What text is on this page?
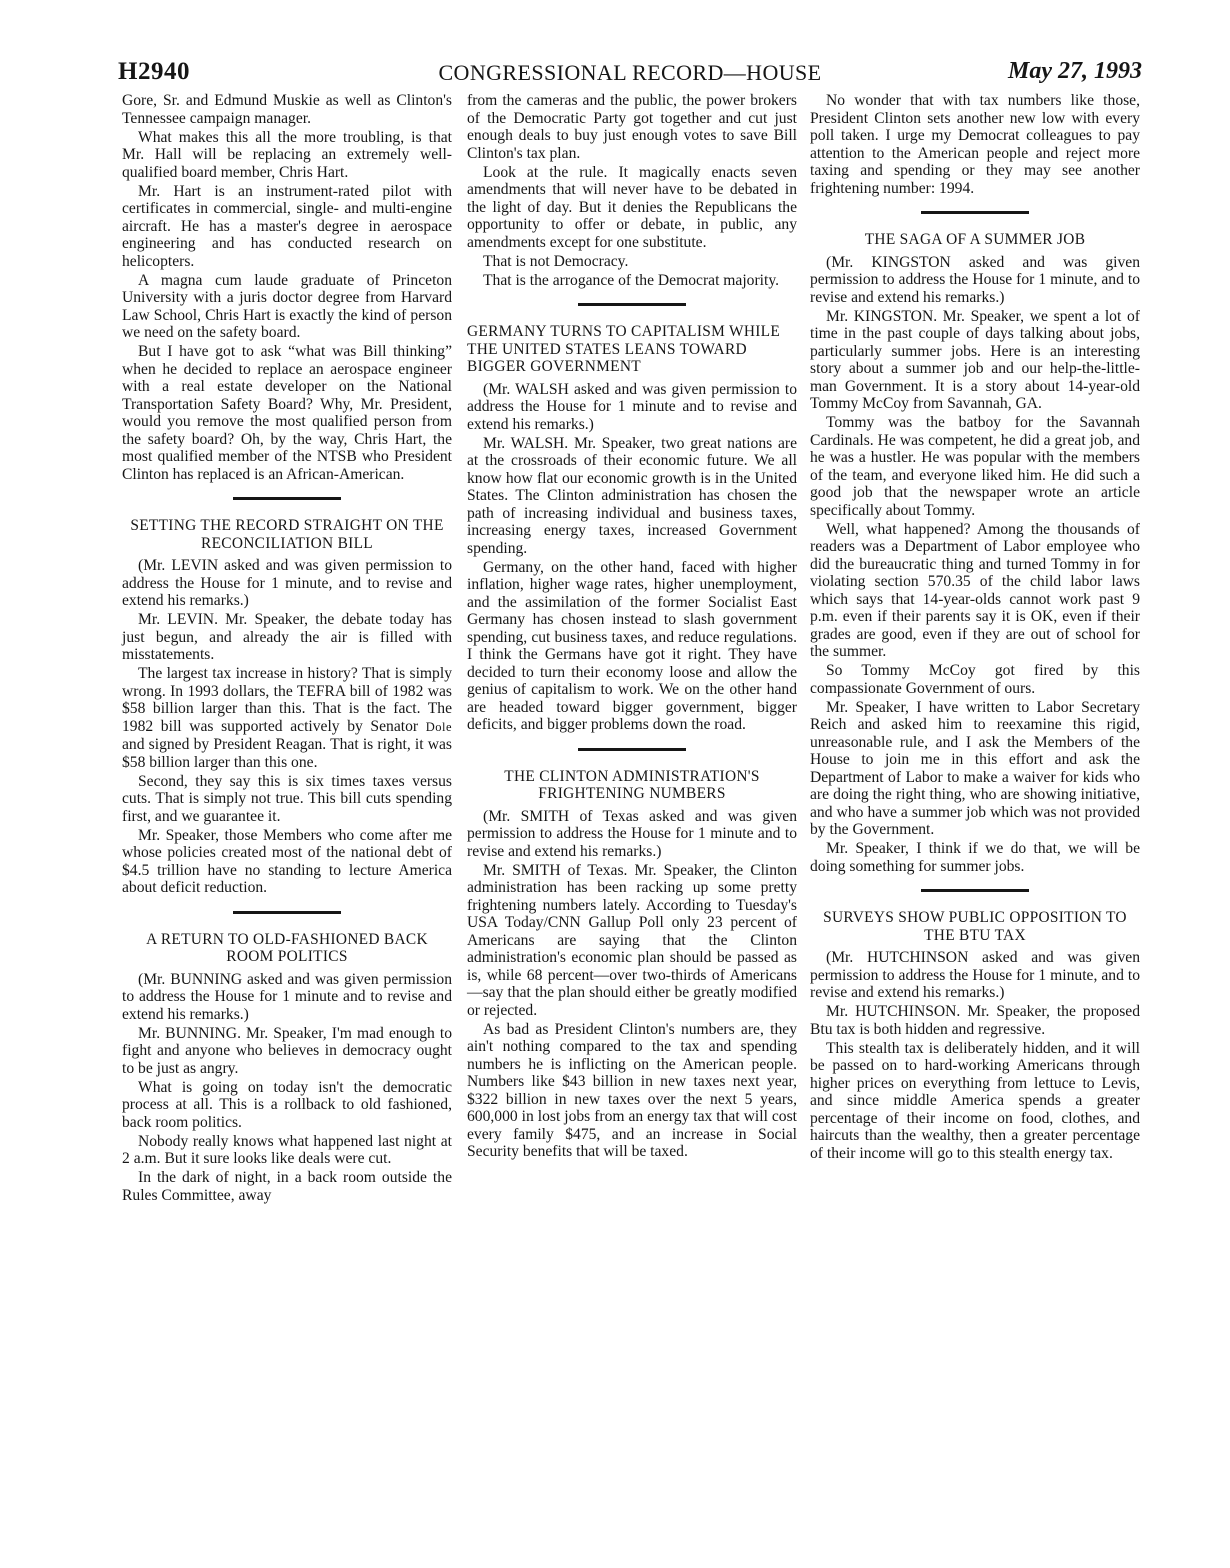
H2940	CONGRESSIONAL RECORD—HOUSE	May 27, 1993

Gore, Sr. and Edmund Muskie as well as Clinton's Tennessee campaign manager.

What makes this all the more troubling, is that Mr. Hall will be replacing an extremely well-qualified board member, Chris Hart.

Mr. Hart is an instrument-rated pilot with certificates in commercial, single- and multi-engine aircraft. He has a master's degree in aerospace engineering and has conducted research on helicopters.

A magna cum laude graduate of Princeton University with a juris doctor degree from Harvard Law School, Chris Hart is exactly the kind of person we need on the safety board.

But I have got to ask “what was Bill thinking” when he decided to replace an aerospace engineer with a real estate developer on the National Transportation Safety Board? Why, Mr. President, would you remove the most qualified person from the safety board? Oh, by the way, Chris Hart, the most qualified member of the NTSB who President Clinton has replaced is an African-American.

SETTING THE RECORD STRAIGHT ON THE RECONCILIATION BILL

(Mr. LEVIN asked and was given permission to address the House for 1 minute, and to revise and extend his remarks.)

Mr. LEVIN. Mr. Speaker, the debate today has just begun, and already the air is filled with misstatements.

The largest tax increase in history? That is simply wrong. In 1993 dollars, the TEFRA bill of 1982 was $58 billion larger than this. That is the fact. The 1982 bill was supported actively by Senator Dole and signed by President Reagan. That is right, it was $58 billion larger than this one.

Second, they say this is six times taxes versus cuts. That is simply not true. This bill cuts spending first, and we guarantee it.

Mr. Speaker, those Members who come after me whose policies created most of the national debt of $4.5 trillion have no standing to lecture America about deficit reduction.

A RETURN TO OLD-FASHIONED BACK ROOM POLITICS

(Mr. BUNNING asked and was given permission to address the House for 1 minute and to revise and extend his remarks.)

Mr. BUNNING. Mr. Speaker, I'm mad enough to fight and anyone who believes in democracy ought to be just as angry.

What is going on today isn't the democratic process at all. This is a rollback to old fashioned, back room politics.

Nobody really knows what happened last night at 2 a.m. But it sure looks like deals were cut.

In the dark of night, in a back room outside the Rules Committee, away

from the cameras and the public, the power brokers of the Democratic Party got together and cut just enough deals to buy just enough votes to save Bill Clinton's tax plan.

Look at the rule. It magically enacts seven amendments that will never have to be debated in the light of day. But it denies the Republicans the opportunity to offer or debate, in public, any amendments except for one substitute.

That is not Democracy.

That is the arrogance of the Democrat majority.

GERMANY TURNS TO CAPITALISM WHILE THE UNITED STATES LEANS TOWARD BIGGER GOVERNMENT

(Mr. WALSH asked and was given permission to address the House for 1 minute and to revise and extend his remarks.)

Mr. WALSH. Mr. Speaker, two great nations are at the crossroads of their economic future. We all know how flat our economic growth is in the United States. The Clinton administration has chosen the path of increasing individual and business taxes, increasing energy taxes, increased Government spending.

Germany, on the other hand, faced with higher inflation, higher wage rates, higher unemployment, and the assimilation of the former Socialist East Germany has chosen instead to slash government spending, cut business taxes, and reduce regulations. I think the Germans have got it right. They have decided to turn their economy loose and allow the genius of capitalism to work. We on the other hand are headed toward bigger government, bigger deficits, and bigger problems down the road.

THE CLINTON ADMINISTRATION'S FRIGHTENING NUMBERS

(Mr. SMITH of Texas asked and was given permission to address the House for 1 minute and to revise and extend his remarks.)

Mr. SMITH of Texas. Mr. Speaker, the Clinton administration has been racking up some pretty frightening numbers lately. According to Tuesday's USA Today/CNN Gallup Poll only 23 percent of Americans are saying that the Clinton administration's economic plan should be passed as is, while 68 percent—over two-thirds of Americans—say that the plan should either be greatly modified or rejected.

As bad as President Clinton's numbers are, they ain't nothing compared to the tax and spending numbers he is inflicting on the American people. Numbers like $43 billion in new taxes next year, $322 billion in new taxes over the next 5 years, 600,000 in lost jobs from an energy tax that will cost every family $475, and an increase in Social Security benefits that will be taxed.

No wonder that with tax numbers like those, President Clinton sets another new low with every poll taken. I urge my Democrat colleagues to pay attention to the American people and reject more taxing and spending or they may see another frightening number: 1994.

THE SAGA OF A SUMMER JOB

(Mr. KINGSTON asked and was given permission to address the House for 1 minute, and to revise and extend his remarks.)

Mr. KINGSTON. Mr. Speaker, we spent a lot of time in the past couple of days talking about jobs, particularly summer jobs. Here is an interesting story about a summer job and our help-the-little-man Government. It is a story about 14-year-old Tommy McCoy from Savannah, GA.

Tommy was the batboy for the Savannah Cardinals. He was competent, he did a great job, and he was a hustler. He was popular with the members of the team, and everyone liked him. He did such a good job that the newspaper wrote an article specifically about Tommy.

Well, what happened? Among the thousands of readers was a Department of Labor employee who did the bureaucratic thing and turned Tommy in for violating section 570.35 of the child labor laws which says that 14-year-olds cannot work past 9 p.m. even if their parents say it is OK, even if their grades are good, even if they are out of school for the summer.

So Tommy McCoy got fired by this compassionate Government of ours.

Mr. Speaker, I have written to Labor Secretary Reich and asked him to reexamine this rigid, unreasonable rule, and I ask the Members of the House to join me in this effort and ask the Department of Labor to make a waiver for kids who are doing the right thing, who are showing initiative, and who have a summer job which was not provided by the Government.

Mr. Speaker, I think if we do that, we will be doing something for summer jobs.

SURVEYS SHOW PUBLIC OPPOSITION TO THE BTU TAX

(Mr. HUTCHINSON asked and was given permission to address the House for 1 minute, and to revise and extend his remarks.)

Mr. HUTCHINSON. Mr. Speaker, the proposed Btu tax is both hidden and regressive.

This stealth tax is deliberately hidden, and it will be passed on to hard-working Americans through higher prices on everything from lettuce to Levis, and since middle America spends a greater percentage of their income on food, clothes, and haircuts than the wealthy, then a greater percentage of their income will go to this stealth energy tax.
